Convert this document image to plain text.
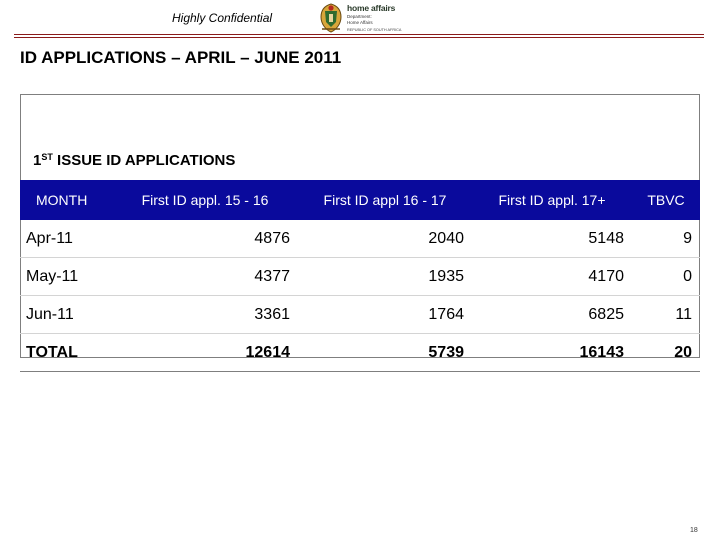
Highly Confidential
home affairs
Department:
Home Affairs
REPUBLIC OF SOUTH AFRICA
ID APPLICATIONS – APRIL – JUNE 2011
1ST ISSUE ID APPLICATIONS
MONTH	First ID appl. 15 - 16	First ID appl 16 - 17	First ID appl. 17+	TBVC
Apr-11	4876	2040	5148	9
May-11	4377	1935	4170	0
Jun-11	3361	1764	6825	11
TOTAL	12614	5739	16143	20
18
